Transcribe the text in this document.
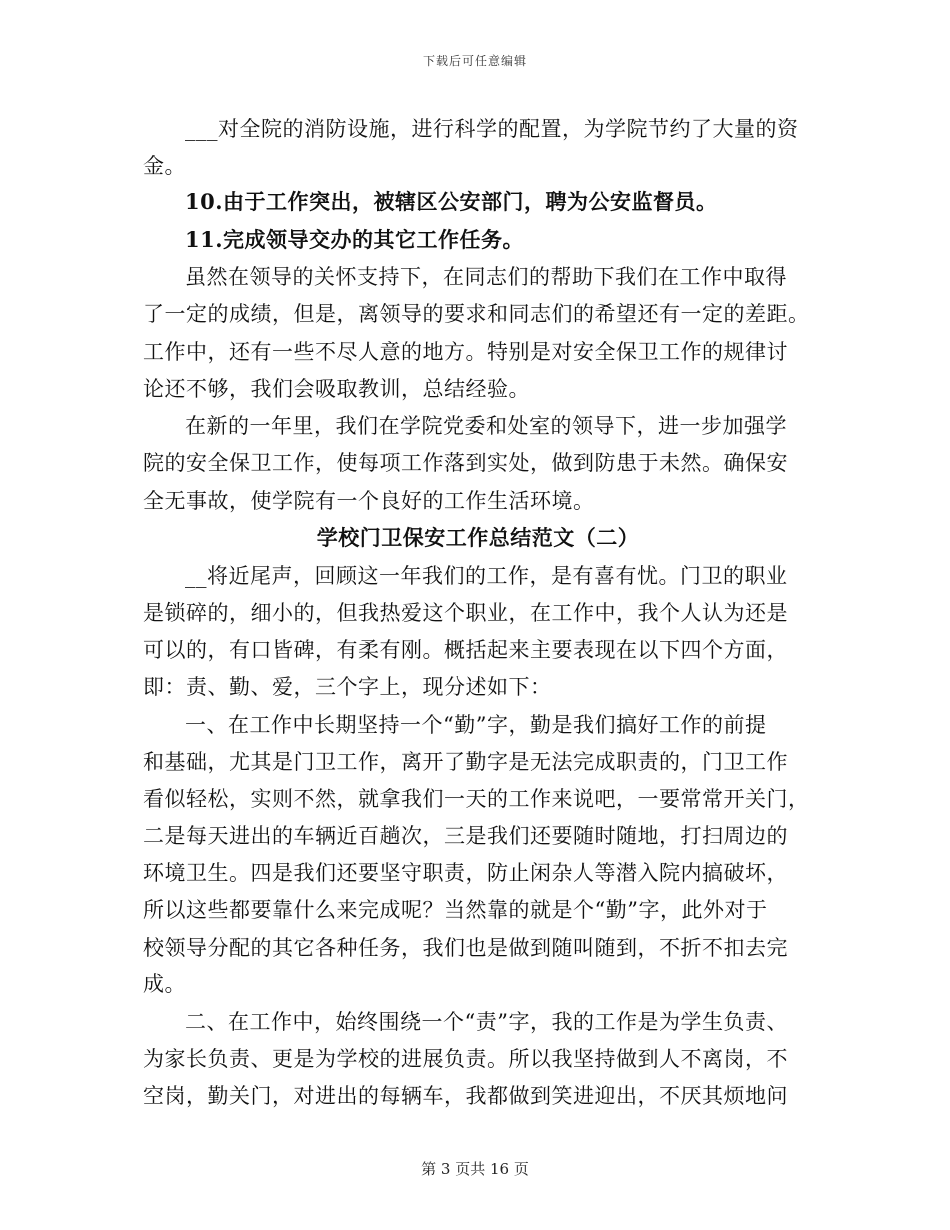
下载后可任意编辑
___对全院的消防设施，进行科学的配置，为学院节约了大量的资
金。
10.由于工作突出，被辖区公安部门，聘为公安监督员。
11.完成领导交办的其它工作任务。
虽然在领导的关怀支持下，在同志们的帮助下我们在工作中取得
了一定的成绩，但是，离领导的要求和同志们的希望还有一定的差距。
工作中，还有一些不尽人意的地方。特别是对安全保卫工作的规律讨
论还不够，我们会吸取教训，总结经验。
在新的一年里，我们在学院党委和处室的领导下，进一步加强学
院的安全保卫工作，使每项工作落到实处，做到防患于未然。确保安
全无事故，使学院有一个良好的工作生活环境。
学校门卫保安工作总结范文（二）
__将近尾声，回顾这一年我们的工作，是有喜有忧。门卫的职业
是锁碎的，细小的，但我热爱这个职业，在工作中，我个人认为还是
可以的，有口皆碑，有柔有刚。概括起来主要表现在以下四个方面，
即：责、勤、爱，三个字上，现分述如下：
一、在工作中长期坚持一个“勤”字，勤是我们搞好工作的前提
和基础，尤其是门卫工作，离开了勤字是无法完成职责的，门卫工作
看似轻松，实则不然，就拿我们一天的工作来说吧，一要常常开关门，
二是每天进出的车辆近百趟次，三是我们还要随时随地，打扫周边的
环境卫生。四是我们还要坚守职责，防止闲杂人等潜入院内搞破坏，
所以这些都要靠什么来完成呢？当然靠的就是个“勤”字，此外对于
校领导分配的其它各种任务，我们也是做到随叫随到，不折不扣去完
成。
二、在工作中，始终围绕一个“责”字，我的工作是为学生负责、
为家长负责、更是为学校的进展负责。所以我坚持做到人不离岗，不
空岗，勤关门，对进出的每辆车，我都做到笑进迎出，不厌其烦地问
第 3 页共 16 页
